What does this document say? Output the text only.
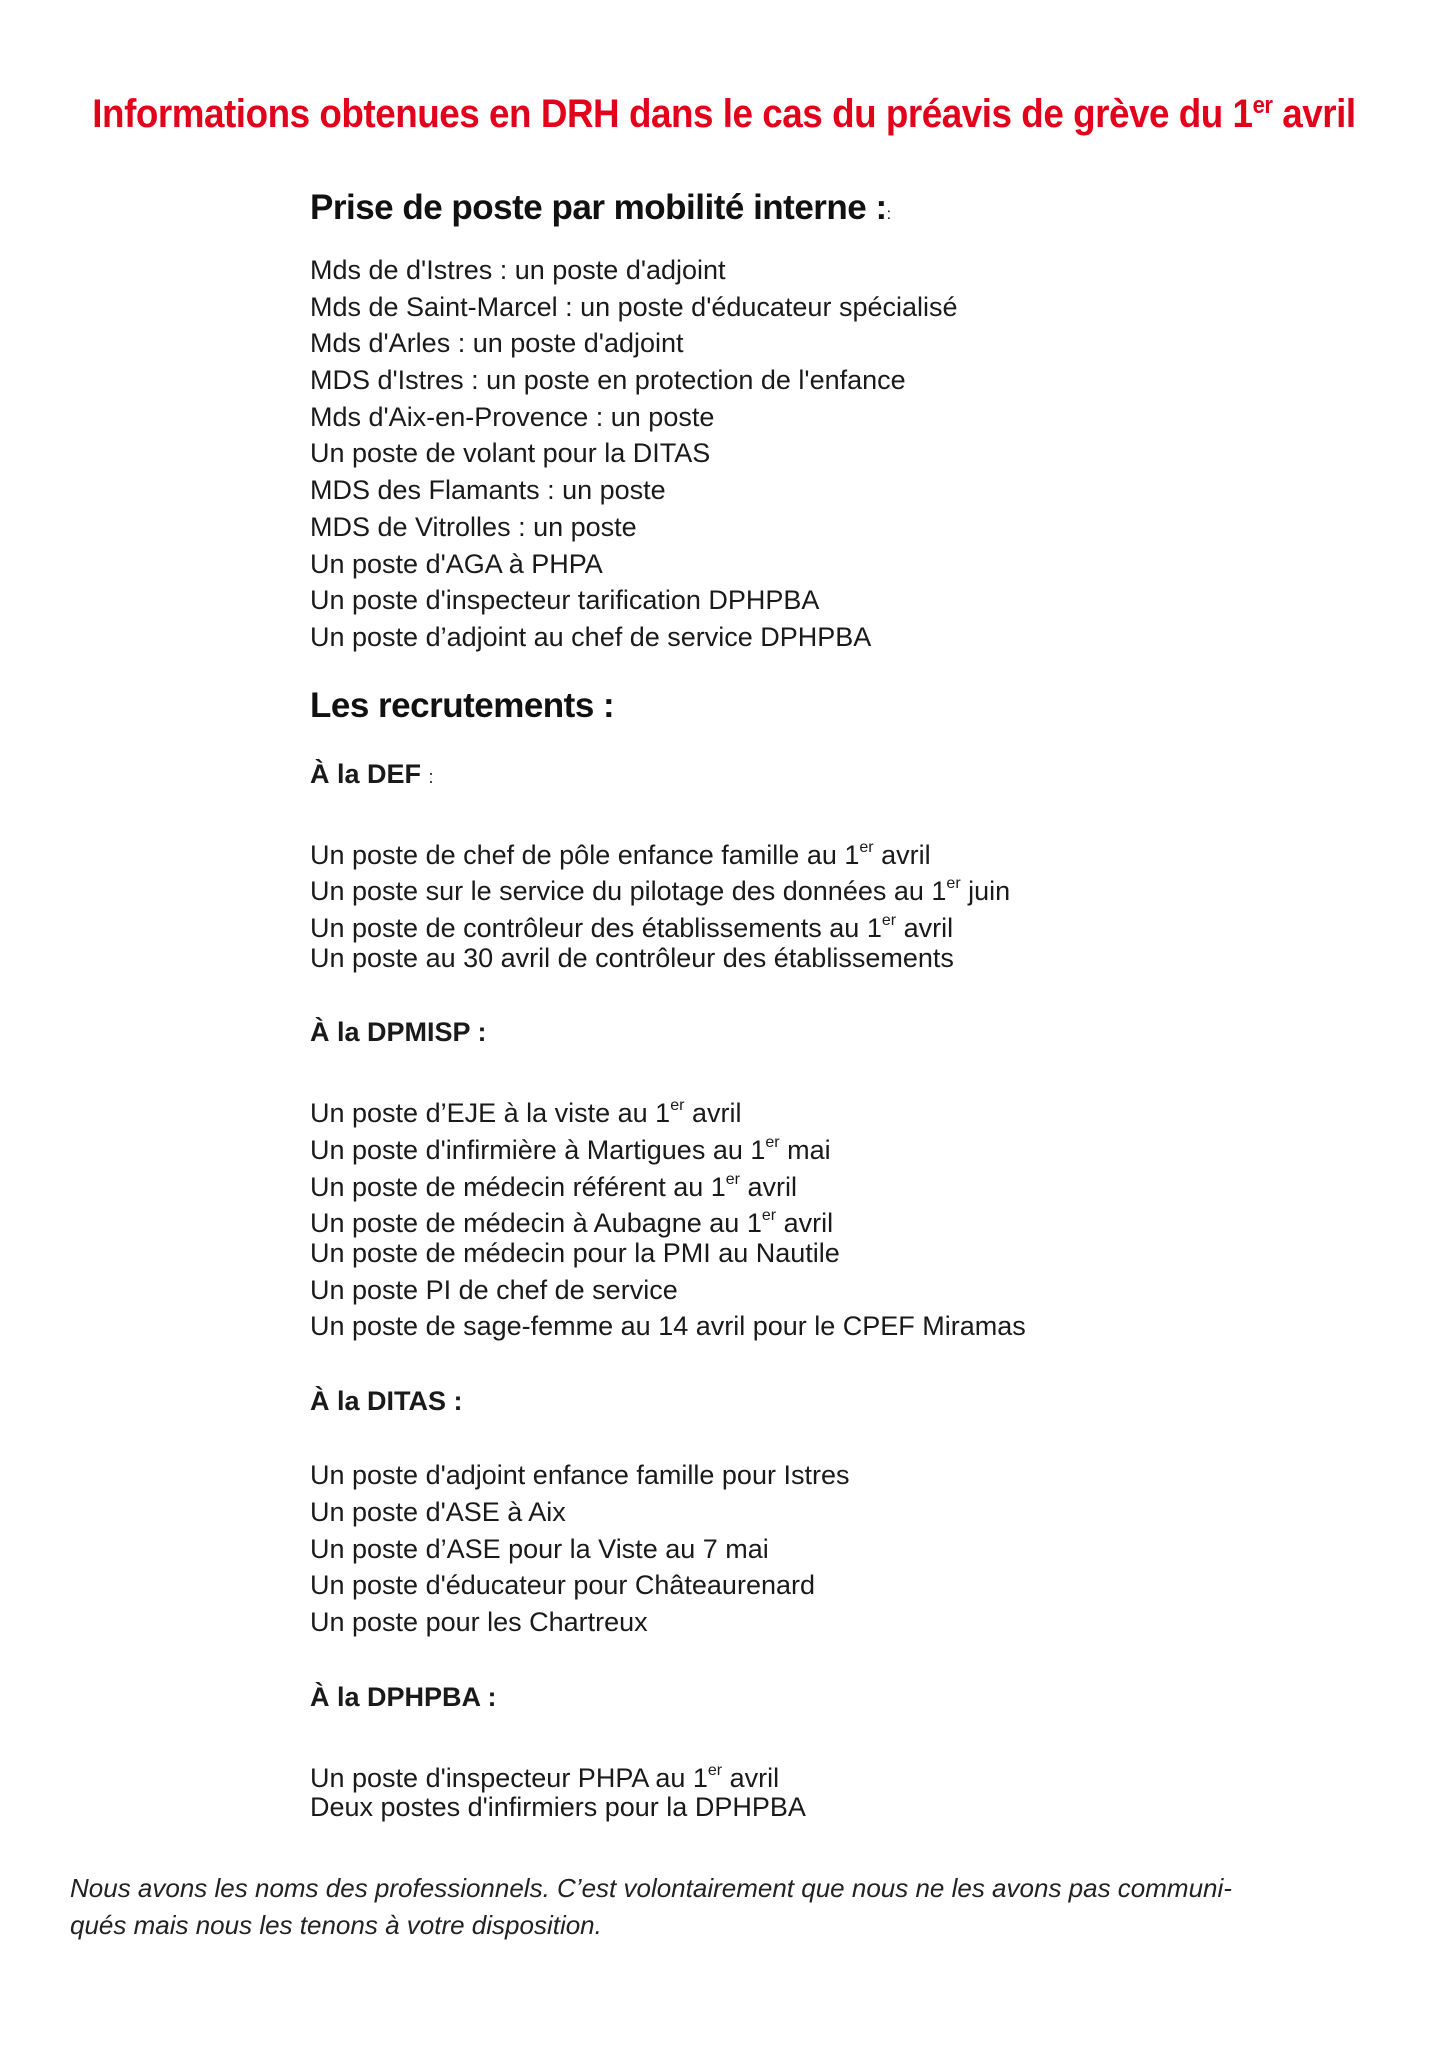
Informations obtenues en DRH dans le cas du préavis de grève du 1er avril
Prise de poste par mobilité interne ::
Mds de d'Istres : un poste d'adjoint
Mds de Saint-Marcel : un poste d'éducateur spécialisé
Mds d'Arles : un poste d'adjoint
MDS d'Istres : un poste en protection de l'enfance
Mds d'Aix-en-Provence : un poste
Un poste de volant pour la DITAS
MDS des Flamants : un poste
MDS de Vitrolles : un poste
Un poste d'AGA à PHPA
Un poste d'inspecteur tarification DPHPBA
Un poste d’adjoint au chef de service DPHPBA
Les recrutements :
À la DEF :
Un poste de chef de pôle enfance famille au 1er avril
Un poste sur le service du pilotage des données au 1er juin
Un poste de contrôleur des établissements au 1er avril
Un poste au 30 avril de contrôleur des établissements
À la DPMISP :
Un poste d’EJE à la viste au 1er avril
Un poste d'infirmière à Martigues au 1er mai
Un poste de médecin référent au 1er avril
Un poste de médecin à Aubagne au 1er avril
Un poste de médecin pour la PMI au Nautile
Un poste PI de chef de service
Un poste de sage-femme au 14 avril pour le CPEF Miramas
À la DITAS :
Un poste d'adjoint enfance famille pour Istres
Un poste d'ASE à Aix
Un poste d’ASE pour la Viste au 7 mai
Un poste d'éducateur pour Châteaurenard
Un poste pour les Chartreux
À la DPHPBA :
Un poste d'inspecteur PHPA au 1er avril
Deux postes d'infirmiers pour la DPHPBA
Nous avons les noms des professionnels. C’est volontairement que nous ne les avons pas communi-
qués mais nous les tenons à votre disposition.
